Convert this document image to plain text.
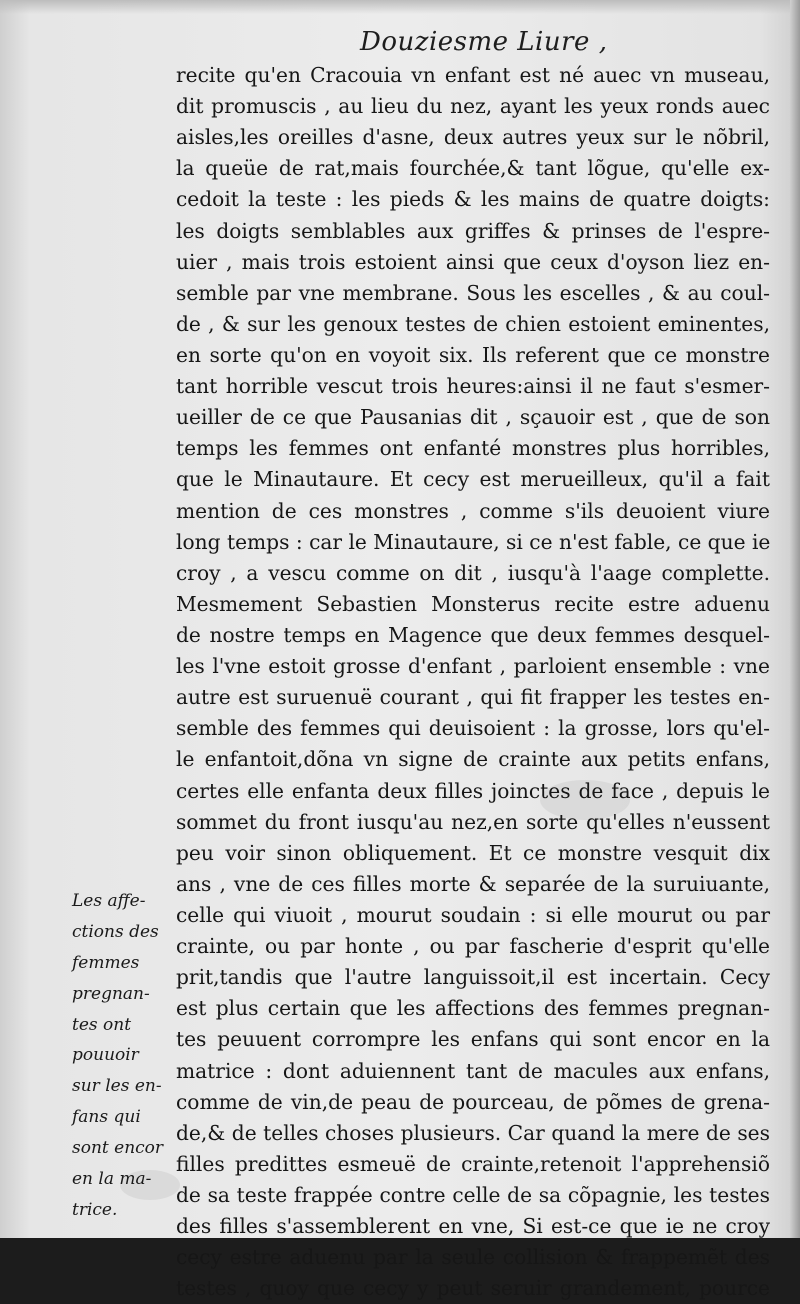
Douziesme Liure ,
recite qu'en Cracouia vn enfant est né auec vn museau,
dit promuscis , au lieu du nez, ayant les yeux ronds auec
aisles,les oreilles d'asne, deux autres yeux sur le nõbril,
la queüe de rat,mais fourchée,& tant lõgue, qu'elle ex-
cedoit la teste : les pieds & les mains de quatre doigts:
les doigts semblables aux griffes & prinses de l'espre-
uier , mais trois estoient ainsi que ceux d'oyson liez en-
semble par vne membrane. Sous les escelles , & au coul-
de , & sur les genoux testes de chien estoient eminentes,
en sorte qu'on en voyoit six. Ils referent que ce monstre
tant horrible vescut trois heures:ainsi il ne faut s'esmer-
ueiller de ce que Pausanias dit , sçauoir est , que de son
temps les femmes ont enfanté monstres plus horribles,
que le Minautaure. Et cecy est merueilleux, qu'il a fait
mention de ces monstres , comme s'ils deuoient viure
long temps : car le Minautaure, si ce n'est fable, ce que ie
croy , a vescu comme on dit , iusqu'à l'aage complette.
Mesmement Sebastien Monsterus recite estre aduenu
de nostre temps en Magence que deux femmes desquel-
les l'vne estoit grosse d'enfant , parloient ensemble : vne
autre est suruenuë courant , qui fit frapper les testes en-
semble des femmes qui deuisoient : la grosse, lors qu'el-
le enfantoit,dõna vn signe de crainte aux petits enfans,
certes elle enfanta deux filles joinctes de face , depuis le
sommet du front iusqu'au nez,en sorte qu'elles n'eussent
peu voir sinon obliquement. Et ce monstre vesquit dix
ans , vne de ces filles morte & separée de la suruiuante,
celle qui viuoit , mourut soudain : si elle mourut ou par
crainte, ou par honte , ou par fascherie d'esprit qu'elle
prit,tandis que l'autre languissoit,il est incertain. Cecy
est plus certain que les affections des femmes pregnan-
tes peuuent corrompre les enfans qui sont encor en la
matrice : dont aduiennent tant de macules aux enfans,
comme de vin,de peau de pourceau, de põmes de grena-
de,& de telles choses plusieurs. Car quand la mere de ses
filles predittes esmeuë de crainte,retenoit l'apprehensiõ
de sa teste frappée contre celle de sa cõpagnie, les testes
des filles s'assemblerent en vne, Si est-ce que ie ne croy
cecy estre aduenu par la seule collision & frappemẽt des
testes , quoy que cecy y peut seruir grandement, pource
Les affe-
ctions des
femmes
pregnan-
tes ont
pouuoir
sur les en-
fans qui
sont encor
en la ma-
trice.
